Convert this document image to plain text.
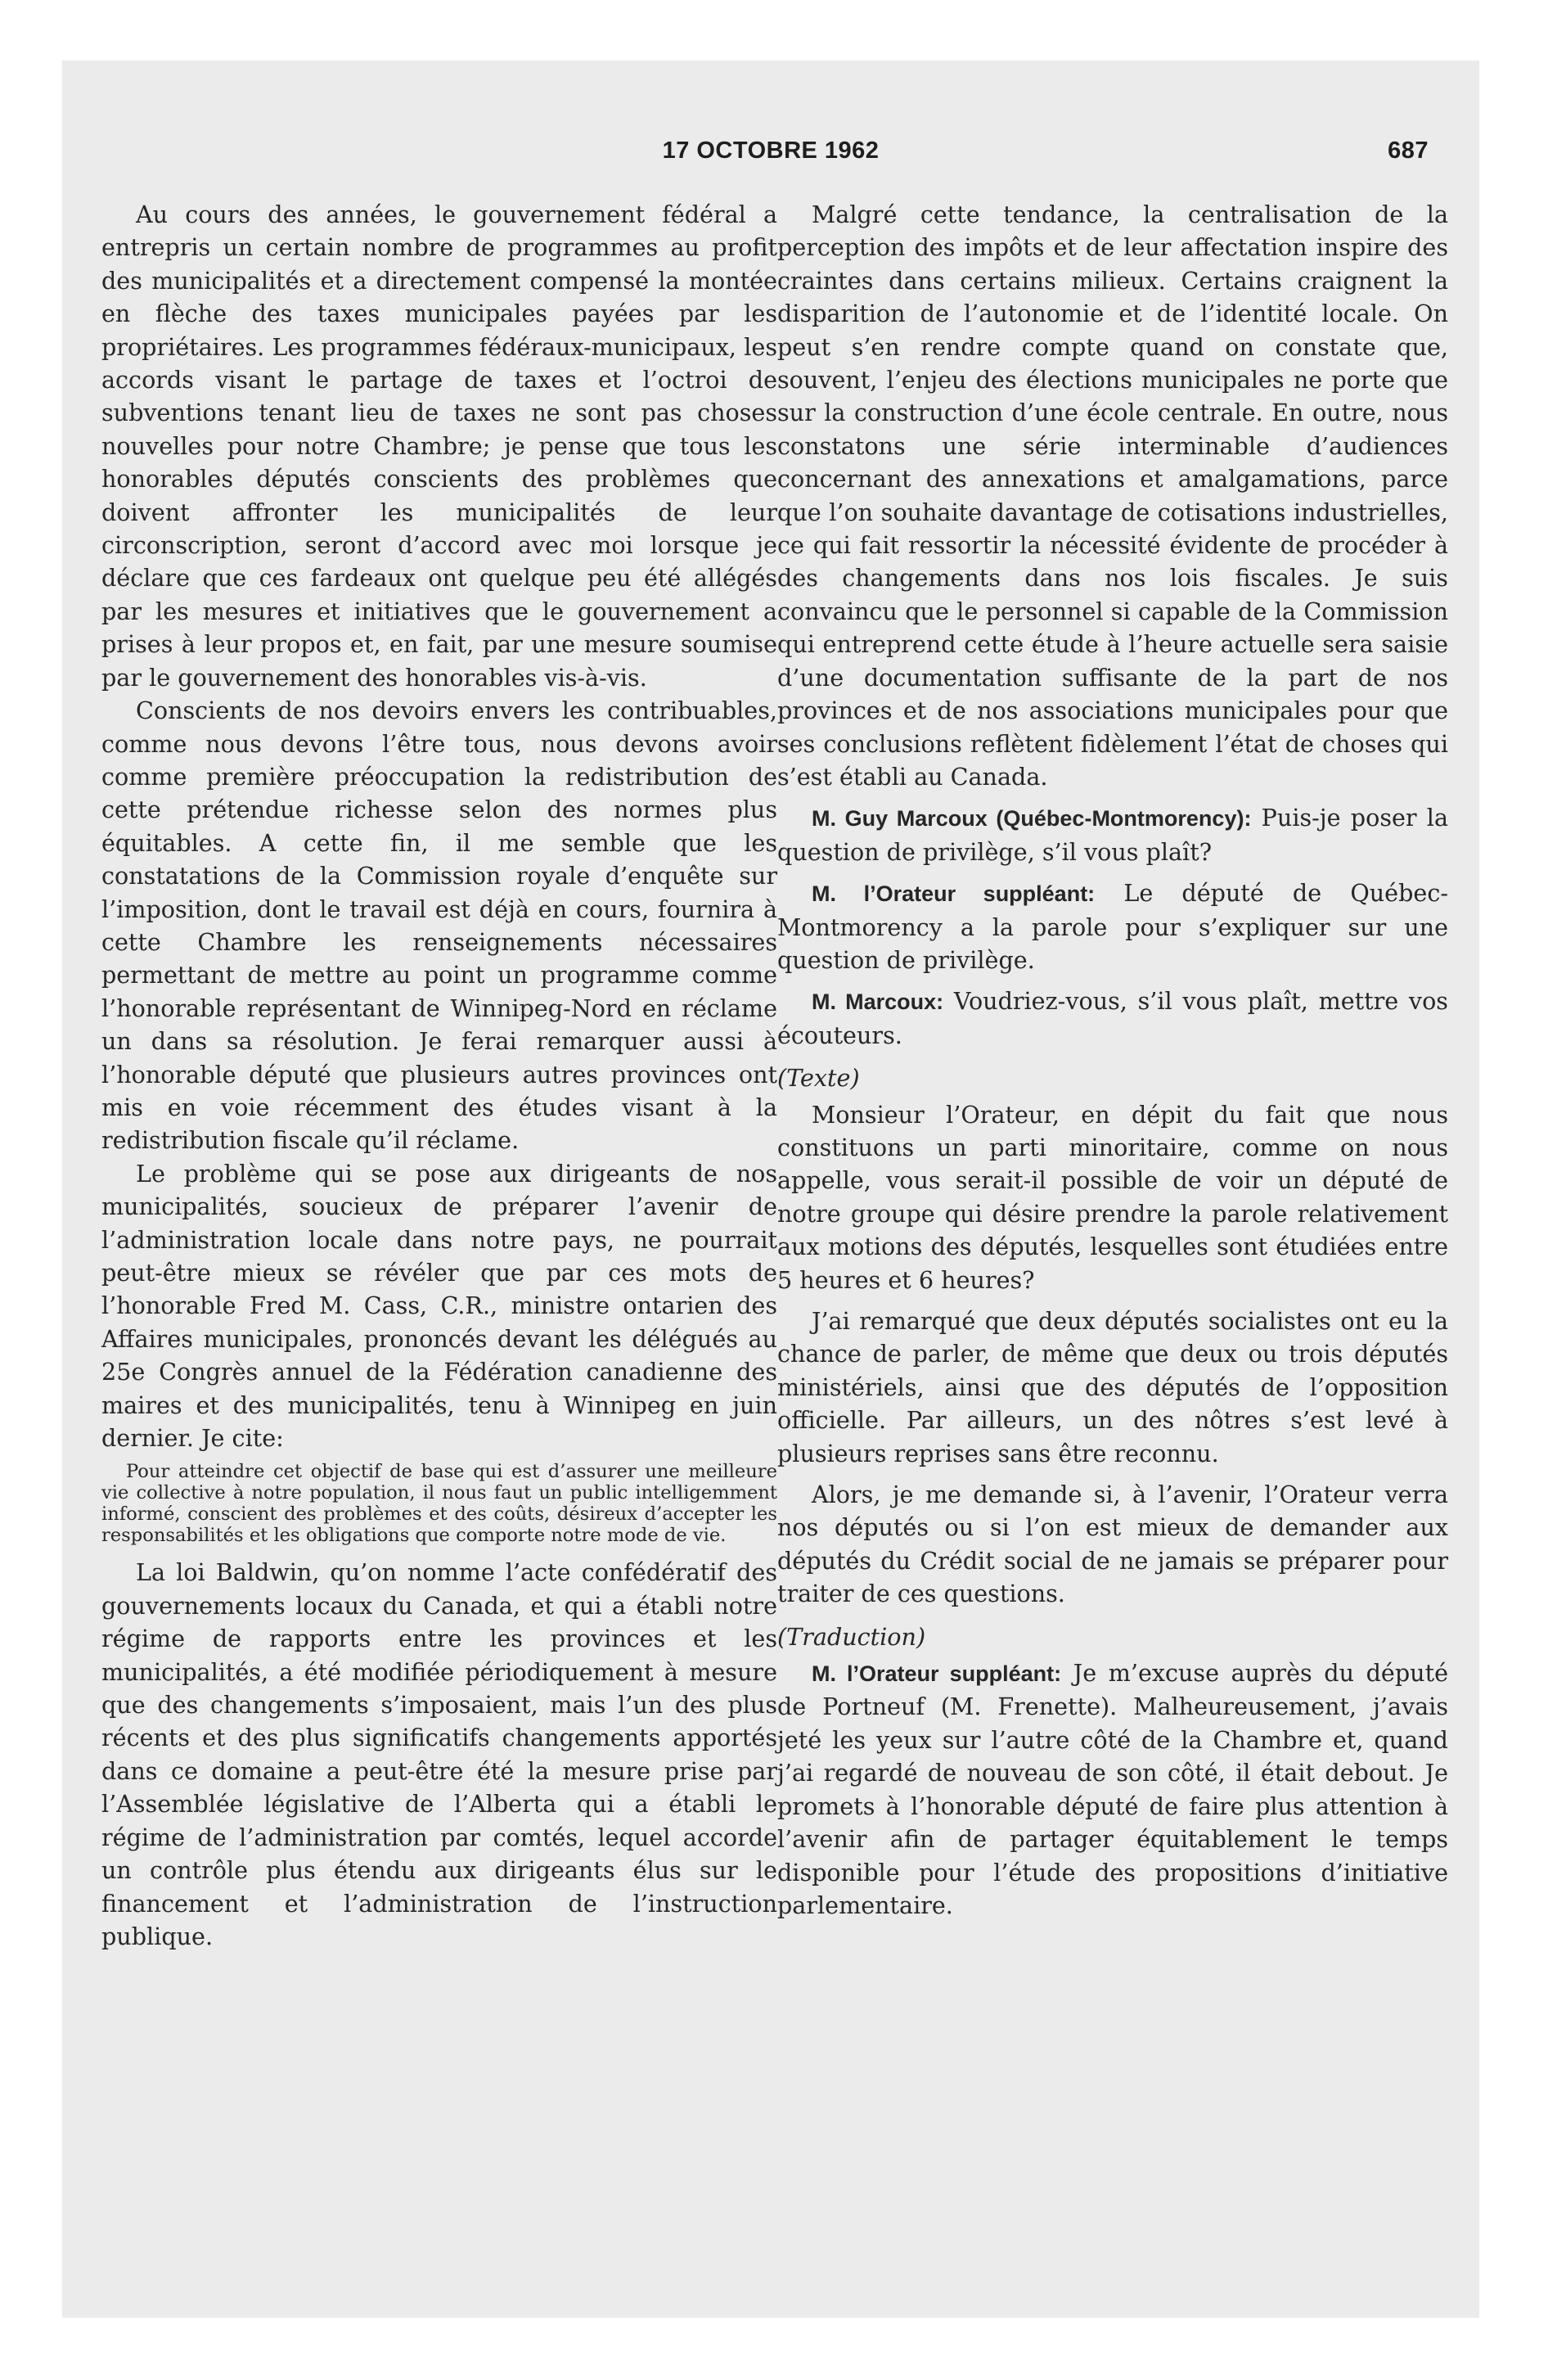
17 OCTOBRE 1962	687

Au cours des années, le gouvernement fédéral a entrepris un certain nombre de programmes au profit des municipalités et a directement compensé la montée en flèche des taxes municipales payées par les propriétaires. Les programmes fédéraux-municipaux, les accords visant le partage de taxes et l’octroi de subventions tenant lieu de taxes ne sont pas choses nouvelles pour notre Chambre; je pense que tous les honorables députés conscients des problèmes que doivent affronter les municipalités de leur circonscription, seront d’accord avec moi lorsque je déclare que ces fardeaux ont quelque peu été allégés par les mesures et initiatives que le gouvernement a prises à leur propos et, en fait, par une mesure soumise par le gouvernement des honorables vis-à-vis.

Conscients de nos devoirs envers les contribuables, comme nous devons l’être tous, nous devons avoir comme première préoccupation la redistribution de cette prétendue richesse selon des normes plus équitables. A cette fin, il me semble que les constatations de la Commission royale d’enquête sur l’imposition, dont le travail est déjà en cours, fournira à cette Chambre les renseignements nécessaires permettant de mettre au point un programme comme l’honorable représentant de Winnipeg-Nord en réclame un dans sa résolution. Je ferai remarquer aussi à l’honorable député que plusieurs autres provinces ont mis en voie récemment des études visant à la redistribution fiscale qu’il réclame.

Le problème qui se pose aux dirigeants de nos municipalités, soucieux de préparer l’avenir de l’administration locale dans notre pays, ne pourrait peut-être mieux se révéler que par ces mots de l’honorable Fred M. Cass, C.R., ministre ontarien des Affaires municipales, prononcés devant les délégués au 25e Congrès annuel de la Fédération canadienne des maires et des municipalités, tenu à Winnipeg en juin dernier. Je cite:

Pour atteindre cet objectif de base qui est d’assurer une meilleure vie collective à notre population, il nous faut un public intelligemment informé, conscient des problèmes et des coûts, désireux d’accepter les responsabilités et les obligations que comporte notre mode de vie.

La loi Baldwin, qu’on nomme l’acte confédératif des gouvernements locaux du Canada, et qui a établi notre régime de rapports entre les provinces et les municipalités, a été modifiée périodiquement à mesure que des changements s’imposaient, mais l’un des plus récents et des plus significatifs changements apportés dans ce domaine a peut-être été la mesure prise par l’Assemblée législative de l’Alberta qui a établi le régime de l’administration par comtés, lequel accorde un contrôle plus étendu aux dirigeants élus sur le financement et l’administration de l’instruction publique.

Malgré cette tendance, la centralisation de la perception des impôts et de leur affectation inspire des craintes dans certains milieux. Certains craignent la disparition de l’autonomie et de l’identité locale. On peut s’en rendre compte quand on constate que, souvent, l’enjeu des élections municipales ne porte que sur la construction d’une école centrale. En outre, nous constatons une série interminable d’audiences concernant des annexations et amalgamations, parce que l’on souhaite davantage de cotisations industrielles, ce qui fait ressortir la nécessité évidente de procéder à des changements dans nos lois fiscales. Je suis convaincu que le personnel si capable de la Commission qui entreprend cette étude à l’heure actuelle sera saisie d’une documentation suffisante de la part de nos provinces et de nos associations municipales pour que ses conclusions reflètent fidèlement l’état de choses qui s’est établi au Canada.

M. Guy Marcoux (Québec-Montmorency): Puis-je poser la question de privilège, s’il vous plaît?

M. l’Orateur suppléant: Le député de Québec-Montmorency a la parole pour s’expliquer sur une question de privilège.

M. Marcoux: Voudriez-vous, s’il vous plaît, mettre vos écouteurs.

(Texte)

Monsieur l’Orateur, en dépit du fait que nous constituons un parti minoritaire, comme on nous appelle, vous serait-il possible de voir un député de notre groupe qui désire prendre la parole relativement aux motions des députés, lesquelles sont étudiées entre 5 heures et 6 heures?

J’ai remarqué que deux députés socialistes ont eu la chance de parler, de même que deux ou trois députés ministériels, ainsi que des députés de l’opposition officielle. Par ailleurs, un des nôtres s’est levé à plusieurs reprises sans être reconnu.

Alors, je me demande si, à l’avenir, l’Orateur verra nos députés ou si l’on est mieux de demander aux députés du Crédit social de ne jamais se préparer pour traiter de ces questions.

(Traduction)

M. l’Orateur suppléant: Je m’excuse auprès du député de Portneuf (M. Frenette). Malheureusement, j’avais jeté les yeux sur l’autre côté de la Chambre et, quand j’ai regardé de nouveau de son côté, il était debout. Je promets à l’honorable député de faire plus attention à l’avenir afin de partager équitablement le temps disponible pour l’étude des propositions d’initiative parlementaire.
